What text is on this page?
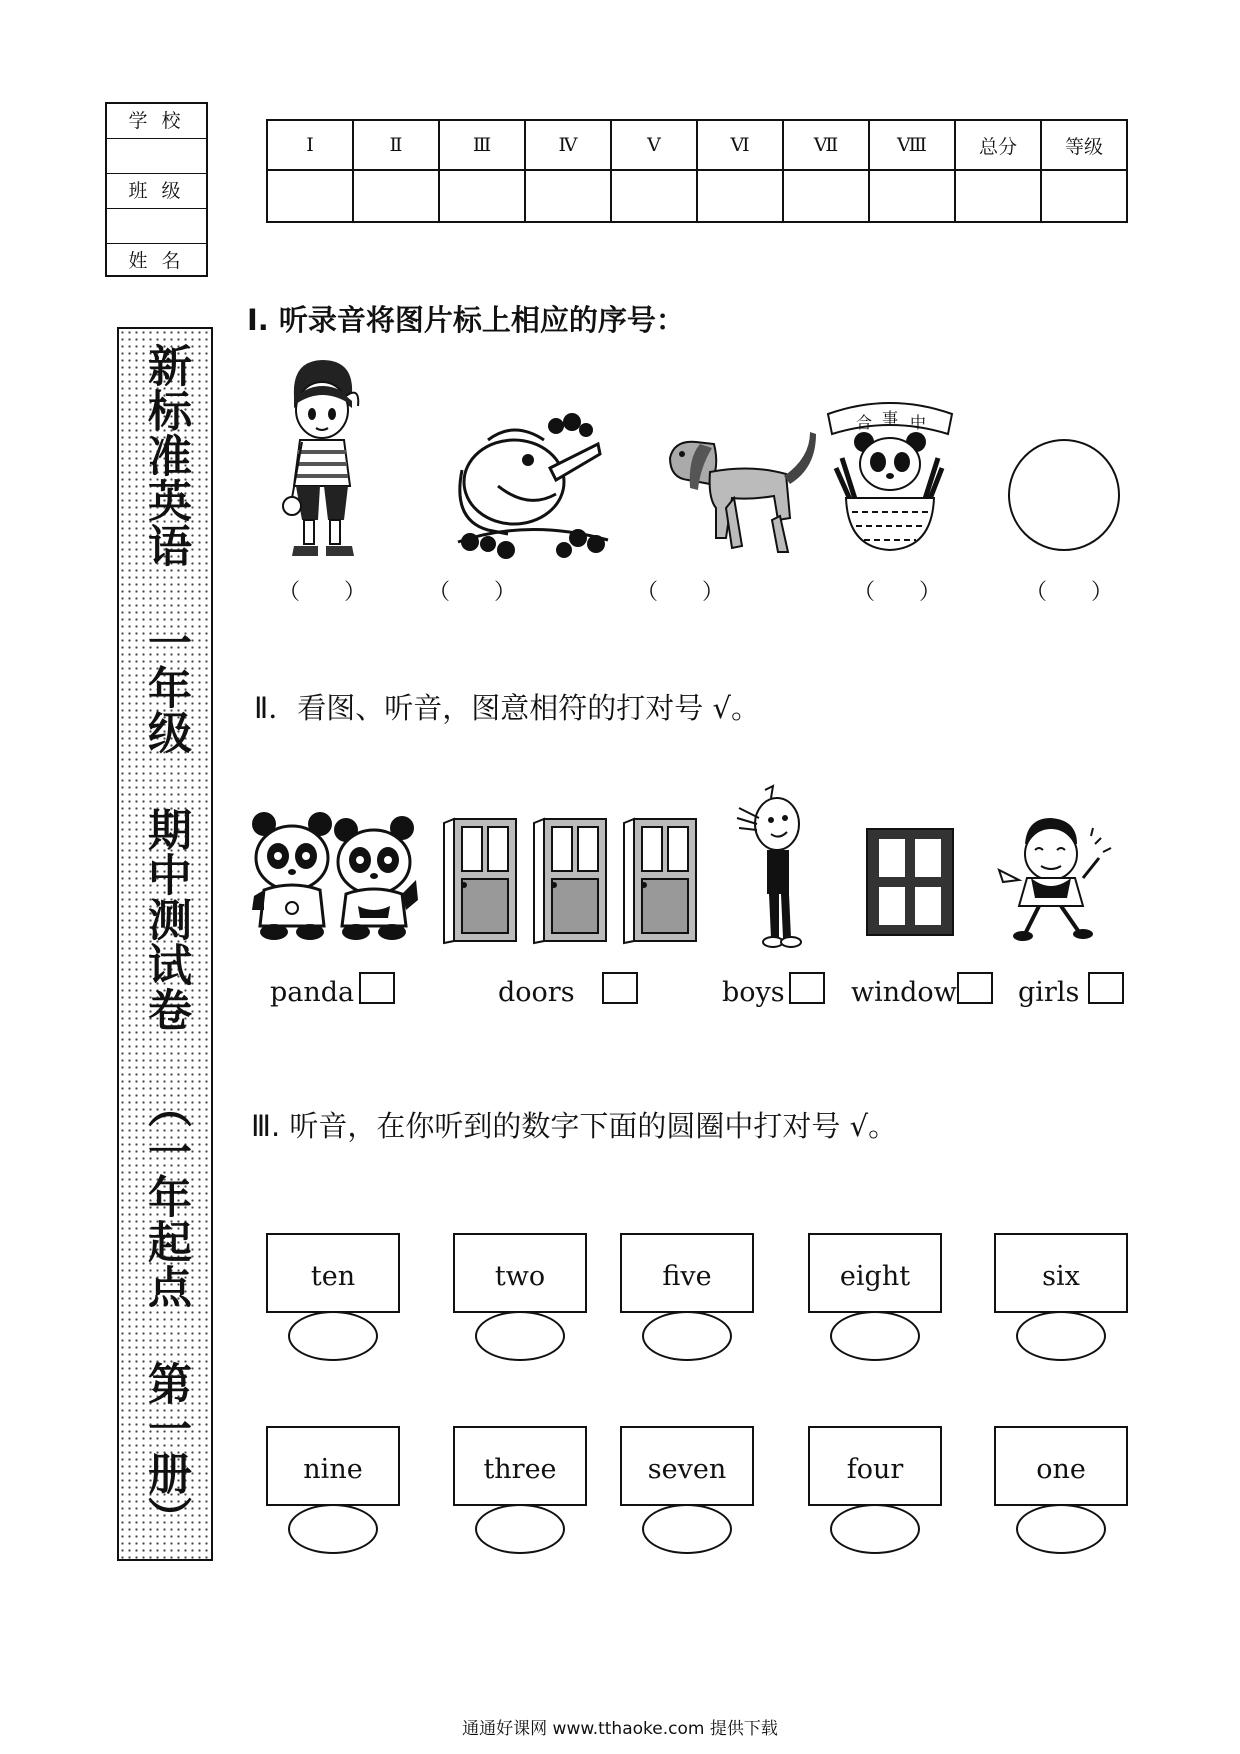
学 校
班 级
姓 名
新标准英语 一年级 期中测试卷 （一年起点 第一册）
Ⅰ	Ⅱ	Ⅲ	Ⅳ	Ⅴ	Ⅵ	Ⅶ	Ⅷ	总分	等级

Ⅰ. 听录音将图片标上相应的序号：
合 事 中
（　　）	（　　）	（　　）	（　　）	（　　）
Ⅱ．看图、听音，图意相符的打对号 √。
panda	doors	boys window girls
Ⅲ. 听音，在你听到的数字下面的圆圈中打对号 √。
ten	two	five	eight	six
nine	three	seven	four	one
通通好课网 www.tthaoke.com 提供下载
